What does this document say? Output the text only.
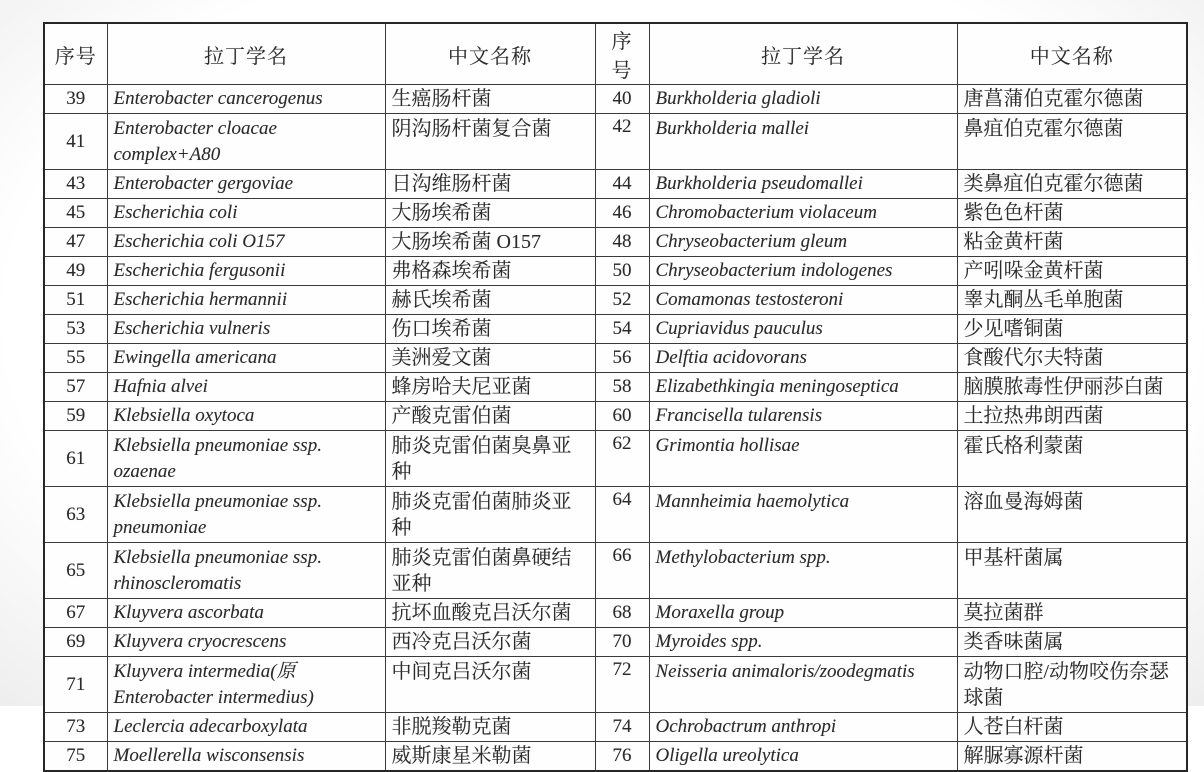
序号	拉丁学名	中文名称	序号	拉丁学名	中文名称
39	Enterobacter cancerogenus	生癌肠杆菌	40	Burkholderia gladioli	唐菖蒲伯克霍尔德菌
41	Enterobacter cloacae complex+A80	阴沟肠杆菌复合菌	42	Burkholderia mallei	鼻疽伯克霍尔德菌
43	Enterobacter gergoviae	日沟维肠杆菌	44	Burkholderia pseudomallei	类鼻疽伯克霍尔德菌
45	Escherichia coli	大肠埃希菌	46	Chromobacterium violaceum	紫色色杆菌
47	Escherichia coli O157	大肠埃希菌 O157	48	Chryseobacterium gleum	粘金黄杆菌
49	Escherichia fergusonii	弗格森埃希菌	50	Chryseobacterium indologenes	产吲哚金黄杆菌
51	Escherichia hermannii	赫氏埃希菌	52	Comamonas testosteroni	睾丸酮丛毛单胞菌
53	Escherichia vulneris	伤口埃希菌	54	Cupriavidus pauculus	少见嗜铜菌
55	Ewingella americana	美洲爱文菌	56	Delftia acidovorans	食酸代尔夫特菌
57	Hafnia alvei	蜂房哈夫尼亚菌	58	Elizabethkingia meningoseptica	脑膜脓毒性伊丽莎白菌
59	Klebsiella oxytoca	产酸克雷伯菌	60	Francisella tularensis	土拉热弗朗西菌
61	Klebsiella pneumoniae ssp. ozaenae	肺炎克雷伯菌臭鼻亚种	62	Grimontia hollisae	霍氏格利蒙菌
63	Klebsiella pneumoniae ssp. pneumoniae	肺炎克雷伯菌肺炎亚种	64	Mannheimia haemolytica	溶血曼海姆菌
65	Klebsiella pneumoniae ssp. rhinoscleromatis	肺炎克雷伯菌鼻硬结亚种	66	Methylobacterium spp.	甲基杆菌属
67	Kluyvera ascorbata	抗坏血酸克吕沃尔菌	68	Moraxella group	莫拉菌群
69	Kluyvera cryocrescens	西冷克吕沃尔菌	70	Myroides spp.	类香味菌属
71	Kluyvera intermedia(原 Enterobacter intermedius)	中间克吕沃尔菌	72	Neisseria animaloris/zoodegmatis	动物口腔/动物咬伤奈瑟球菌
73	Leclercia adecarboxylata	非脱羧勒克菌	74	Ochrobactrum anthropi	人苍白杆菌
75	Moellerella wisconsensis	威斯康星米勒菌	76	Oligella ureolytica	解脲寡源杆菌
